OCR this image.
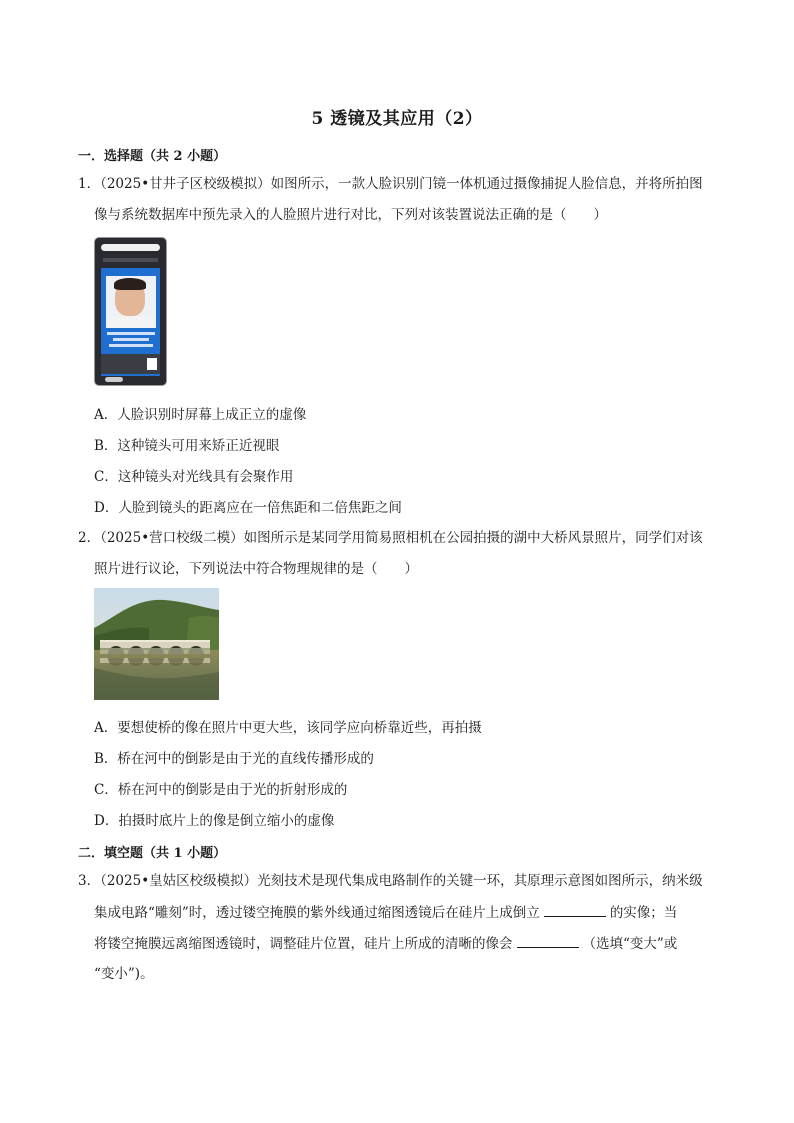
5 透镜及其应用（2）
一．选择题（共 2 小题）
1．（2025•甘井子区校级模拟）如图所示，一款人脸识别门镜一体机通过摄像捕捉人脸信息，并将所拍图
像与系统数据库中预先录入的人脸照片进行对比，下列对该装置说法正确的是（　　）
A．人脸识别时屏幕上成正立的虚像
B．这种镜头可用来矫正近视眼
C．这种镜头对光线具有会聚作用
D．人脸到镜头的距离应在一倍焦距和二倍焦距之间
2．（2025•营口校级二模）如图所示是某同学用简易照相机在公园拍摄的湖中大桥风景照片，同学们对该
照片进行议论，下列说法中符合物理规律的是（　　）
A．要想使桥的像在照片中更大些，该同学应向桥靠近些，再拍摄
B．桥在河中的倒影是由于光的直线传播形成的
C．桥在河中的倒影是由于光的折射形成的
D．拍摄时底片上的像是倒立缩小的虚像
二．填空题（共 1 小题）
3．（2025•皇姑区校级模拟）光刻技术是现代集成电路制作的关键一环，其原理示意图如图所示，纳米级
集成电路“雕刻”时，透过镂空掩膜的紫外线通过缩图透镜后在硅片上成倒立	的实像；当
将镂空掩膜远离缩图透镜时，调整硅片位置，硅片上所成的清晰的像会	（选填“变大”或
“变小”)。
